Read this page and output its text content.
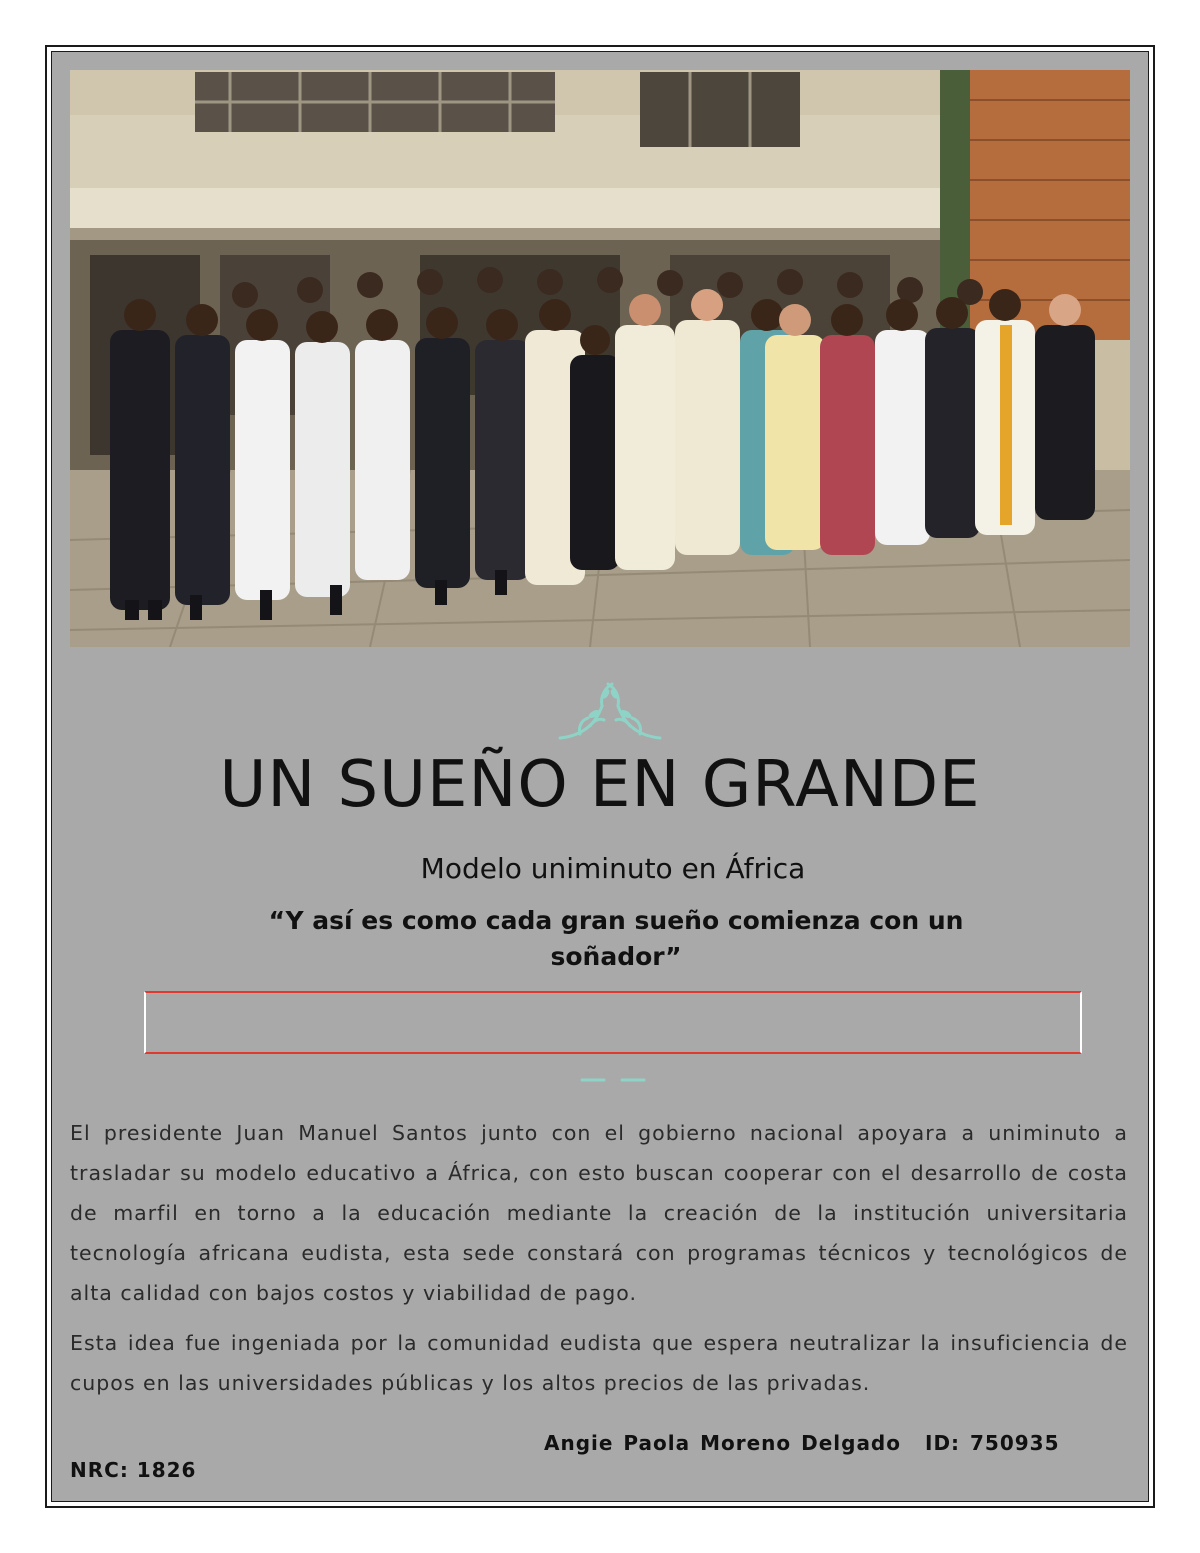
UN SUEÑO EN GRANDE

Modelo uniminuto en África

“Y así es como cada gran sueño comienza con un soñador”

El presidente Juan Manuel Santos junto con el gobierno nacional apoyara a uniminuto a trasladar su modelo educativo a África, con esto buscan cooperar con el desarrollo de costa de marfil en torno a la educación mediante la creación de la institución universitaria tecnología africana eudista, esta sede constará con programas técnicos y tecnológicos de alta calidad con bajos costos y viabilidad de pago.

Esta idea fue ingeniada por la comunidad eudista que espera neutralizar la insuficiencia de cupos en las universidades públicas y los altos precios de las privadas.

Angie Paola Moreno Delgado ID: 750935

NRC: 1826
